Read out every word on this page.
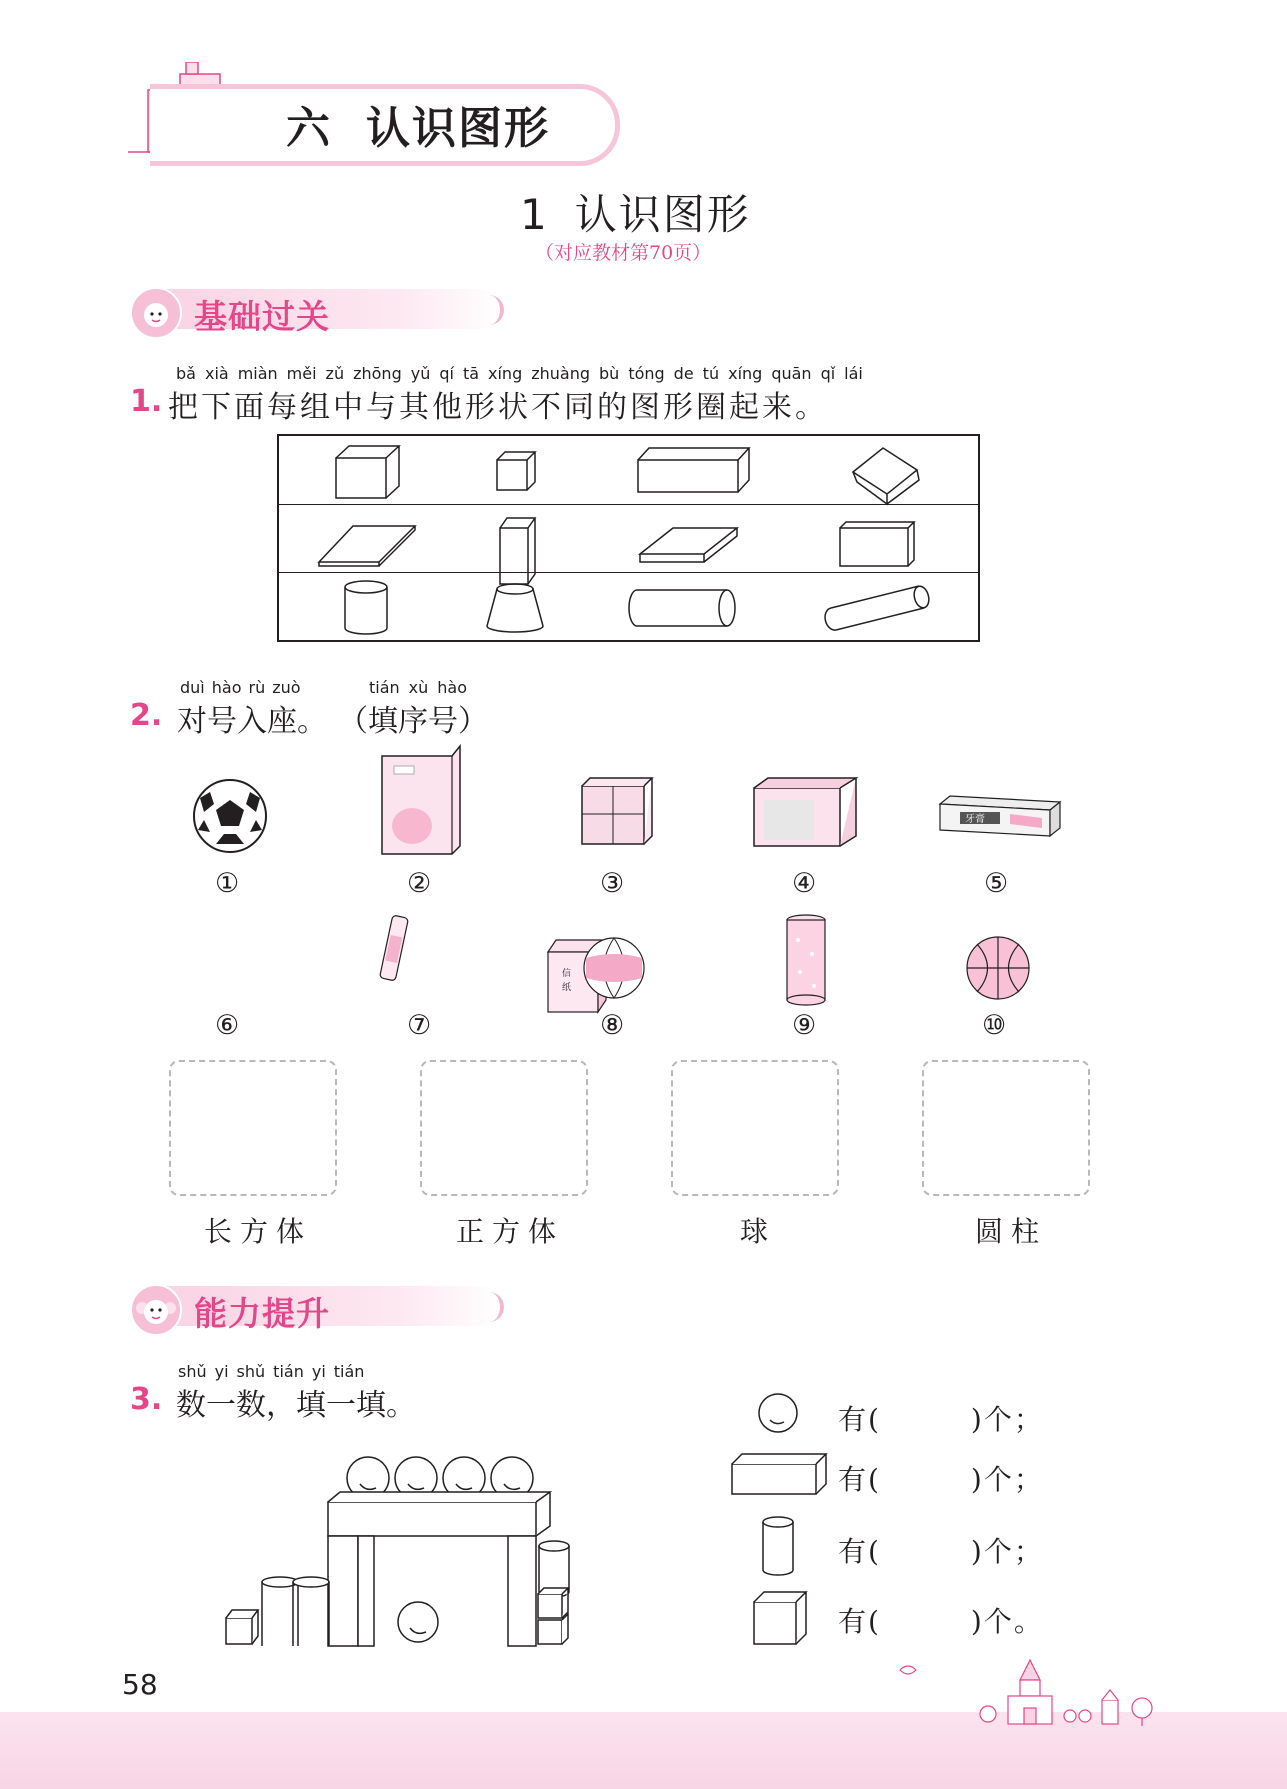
六 认识图形
1 认识图形
（对应教材第70页）
基础过关
bǎ xià miàn měi zǔ zhōng yǔ qí tā xíng zhuàng bù tóng de tú xíng quān qǐ lái
1. 把 下 面 每 组 中 与 其 他 形 状 不 同 的 图 形 圈 起 来 。
duì hào rù zuò	tián xù hào
2. 对号入座。 （填序号）
牙膏
信
纸
①	②	③	④	⑤
⑥	⑦	⑧	⑨	⑩
长方体	正方体	球	圆柱
能力提升
shǔ yi shǔ tián yi tián
3. 数一数，填一填。	有(　　　)个；
有(　　　)个；
有(　　　)个；
有(　　　)个。
58
